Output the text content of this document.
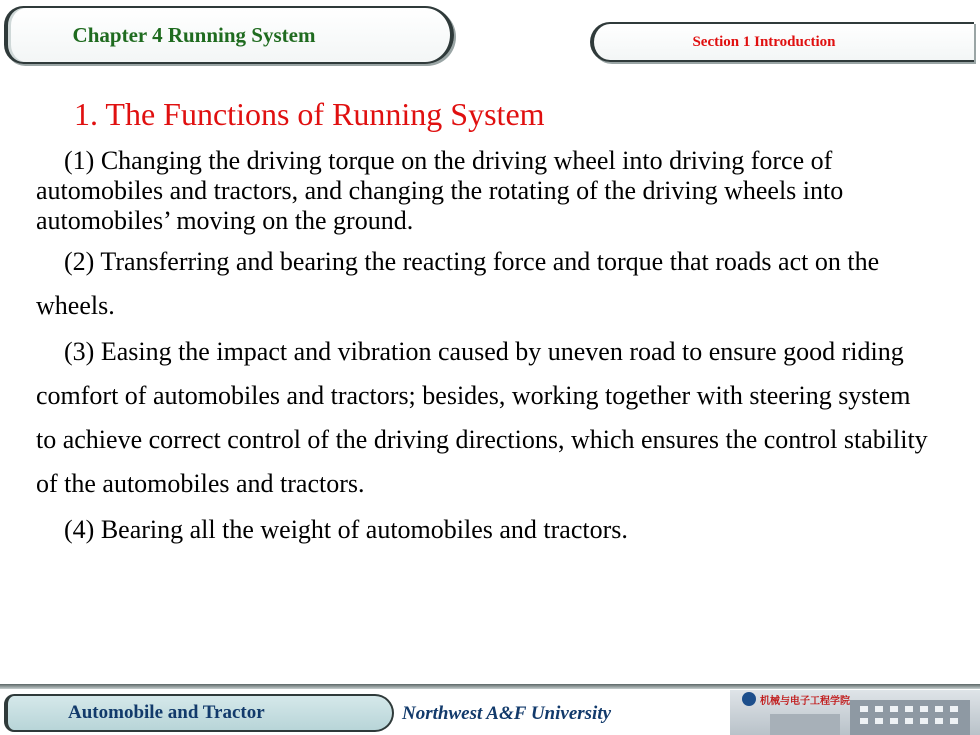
Chapter 4 Running System	Section 1 Introduction
1. The Functions of Running System

(1) Changing the driving torque on the driving wheel into driving force of automobiles and tractors, and changing the rotating of the driving wheels into automobiles’ moving on the ground.

(2) Transferring and bearing the reacting force and torque that roads act on the wheels.

(3) Easing the impact and vibration caused by uneven road to ensure good riding comfort of automobiles and tractors; besides, working together with steering system to achieve correct control of the driving directions, which ensures the control stability of the automobiles and tractors.

(4) Bearing all the weight of automobiles and tractors.

Automobile and Tractor	Northwest A&F University
机械与电子工程学院
